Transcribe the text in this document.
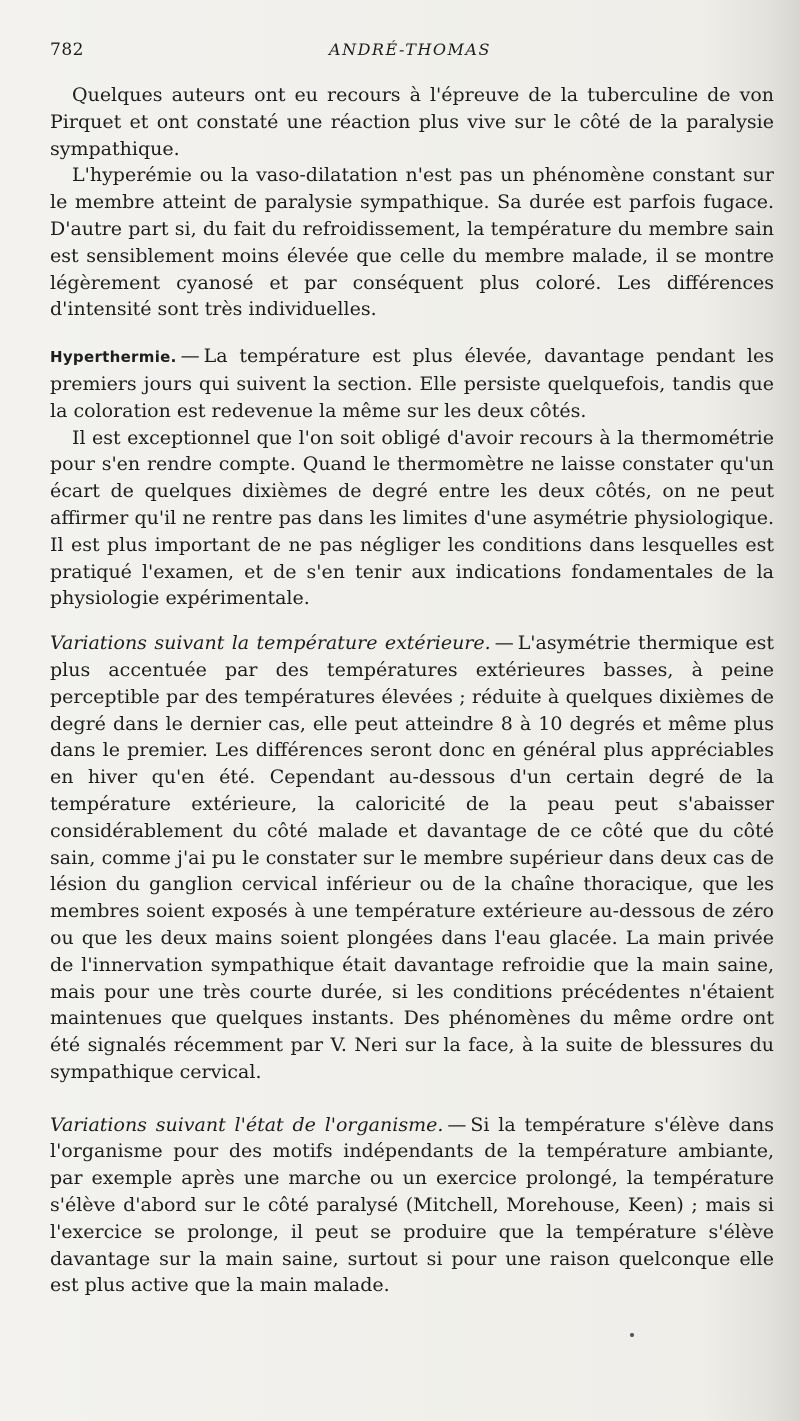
782	ANDRÉ-THOMAS

Quelques auteurs ont eu recours à l'épreuve de la tuberculine de von Pirquet et ont constaté une réaction plus vive sur le côté de la paralysie sympathique.

L'hyperémie ou la vaso-dilatation n'est pas un phénomène constant sur le membre atteint de paralysie sympathique. Sa durée est parfois fugace. D'autre part si, du fait du refroidissement, la température du membre sain est sensiblement moins élevée que celle du membre malade, il se montre légèrement cyanosé et par conséquent plus coloré. Les différences d'intensité sont très individuelles.

Hyperthermie. — La température est plus élevée, davantage pendant les premiers jours qui suivent la section. Elle persiste quelquefois, tandis que la coloration est redevenue la même sur les deux côtés.

Il est exceptionnel que l'on soit obligé d'avoir recours à la thermométrie pour s'en rendre compte. Quand le thermomètre ne laisse constater qu'un écart de quelques dixièmes de degré entre les deux côtés, on ne peut affirmer qu'il ne rentre pas dans les limites d'une asymétrie physiologique. Il est plus important de ne pas négliger les conditions dans lesquelles est pratiqué l'examen, et de s'en tenir aux indications fondamentales de la physiologie expérimentale.

Variations suivant la température extérieure. — L'asymétrie thermique est plus accentuée par des températures extérieures basses, à peine perceptible par des températures élevées ; réduite à quelques dixièmes de degré dans le dernier cas, elle peut atteindre 8 à 10 degrés et même plus dans le premier. Les différences seront donc en général plus appréciables en hiver qu'en été. Cependant au-dessous d'un certain degré de la température extérieure, la caloricité de la peau peut s'abaisser considérablement du côté malade et davantage de ce côté que du côté sain, comme j'ai pu le constater sur le membre supérieur dans deux cas de lésion du ganglion cervical inférieur ou de la chaîne thoracique, que les membres soient exposés à une température extérieure au-dessous de zéro ou que les deux mains soient plongées dans l'eau glacée. La main privée de l'innervation sympathique était davantage refroidie que la main saine, mais pour une très courte durée, si les conditions précédentes n'étaient maintenues que quelques instants. Des phénomènes du même ordre ont été signalés récemment par V. Neri sur la face, à la suite de blessures du sympathique cervical.

Variations suivant l'état de l'organisme. — Si la température s'élève dans l'organisme pour des motifs indépendants de la température ambiante, par exemple après une marche ou un exercice prolongé, la température s'élève d'abord sur le côté paralysé (Mitchell, Morehouse, Keen) ; mais si l'exercice se prolonge, il peut se produire que la température s'élève davantage sur la main saine, surtout si pour une raison quelconque elle est plus active que la main malade.
